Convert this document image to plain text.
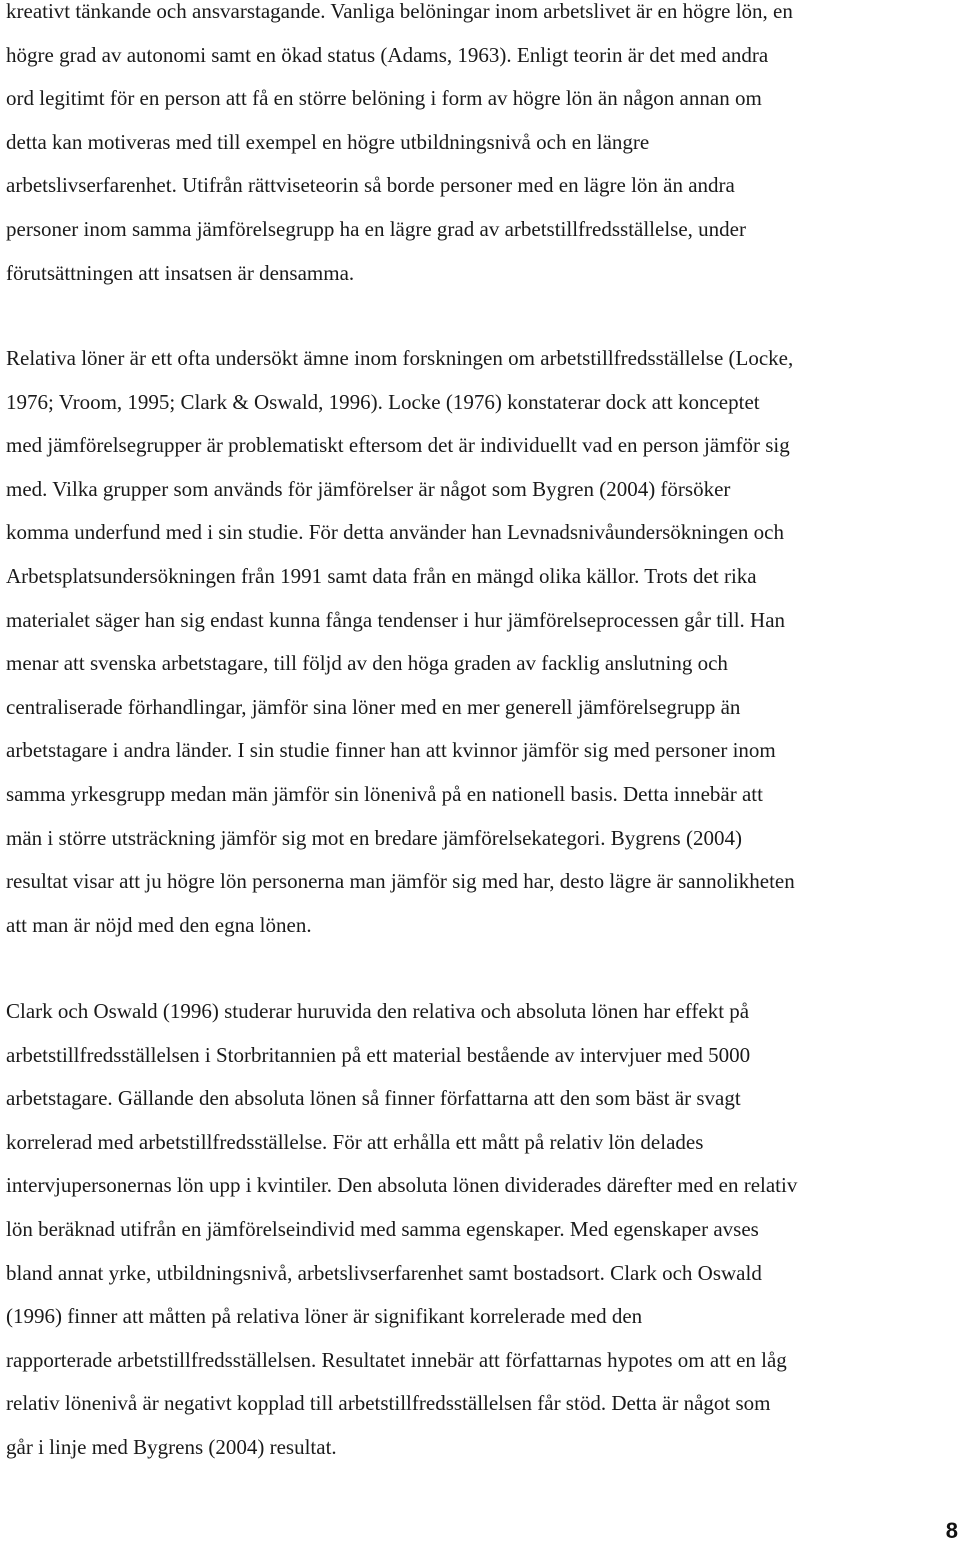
kreativt tänkande och ansvarstagande. Vanliga belöningar inom arbetslivet är en högre lön, en
högre grad av autonomi samt en ökad status (Adams, 1963). Enligt teorin är det med andra
ord legitimt för en person att få en större belöning i form av högre lön än någon annan om
detta kan motiveras med till exempel en högre utbildningsnivå och en längre
arbetslivserfarenhet. Utifrån rättviseteorin så borde personer med en lägre lön än andra
personer inom samma jämförelsegrupp ha en lägre grad av arbetstillfredsställelse, under
förutsättningen att insatsen är densamma.

Relativa löner är ett ofta undersökt ämne inom forskningen om arbetstillfredsställelse (Locke,
1976; Vroom, 1995; Clark & Oswald, 1996). Locke (1976) konstaterar dock att konceptet
med jämförelsegrupper är problematiskt eftersom det är individuellt vad en person jämför sig
med. Vilka grupper som används för jämförelser är något som Bygren (2004) försöker
komma underfund med i sin studie. För detta använder han Levnadsnivåundersökningen och
Arbetsplatsundersökningen från 1991 samt data från en mängd olika källor. Trots det rika
materialet säger han sig endast kunna fånga tendenser i hur jämförelseprocessen går till. Han
menar att svenska arbetstagare, till följd av den höga graden av facklig anslutning och
centraliserade förhandlingar, jämför sina löner med en mer generell jämförelsegrupp än
arbetstagare i andra länder. I sin studie finner han att kvinnor jämför sig med personer inom
samma yrkesgrupp medan män jämför sin lönenivå på en nationell basis. Detta innebär att
män i större utsträckning jämför sig mot en bredare jämförelsekategori. Bygrens (2004)
resultat visar att ju högre lön personerna man jämför sig med har, desto lägre är sannolikheten
att man är nöjd med den egna lönen.

Clark och Oswald (1996) studerar huruvida den relativa och absoluta lönen har effekt på
arbetstillfredsställelsen i Storbritannien på ett material bestående av intervjuer med 5000
arbetstagare. Gällande den absoluta lönen så finner författarna att den som bäst är svagt
korrelerad med arbetstillfredsställelse. För att erhålla ett mått på relativ lön delades
intervjupersonernas lön upp i kvintiler. Den absoluta lönen dividerades därefter med en relativ
lön beräknad utifrån en jämförelseindivid med samma egenskaper. Med egenskaper avses
bland annat yrke, utbildningsnivå, arbetslivserfarenhet samt bostadsort. Clark och Oswald
(1996) finner att måtten på relativa löner är signifikant korrelerade med den
rapporterade arbetstillfredsställelsen. Resultatet innebär att författarnas hypotes om att en låg
relativ lönenivå är negativt kopplad till arbetstillfredsställelsen får stöd. Detta är något som
går i linje med Bygrens (2004) resultat.

8
